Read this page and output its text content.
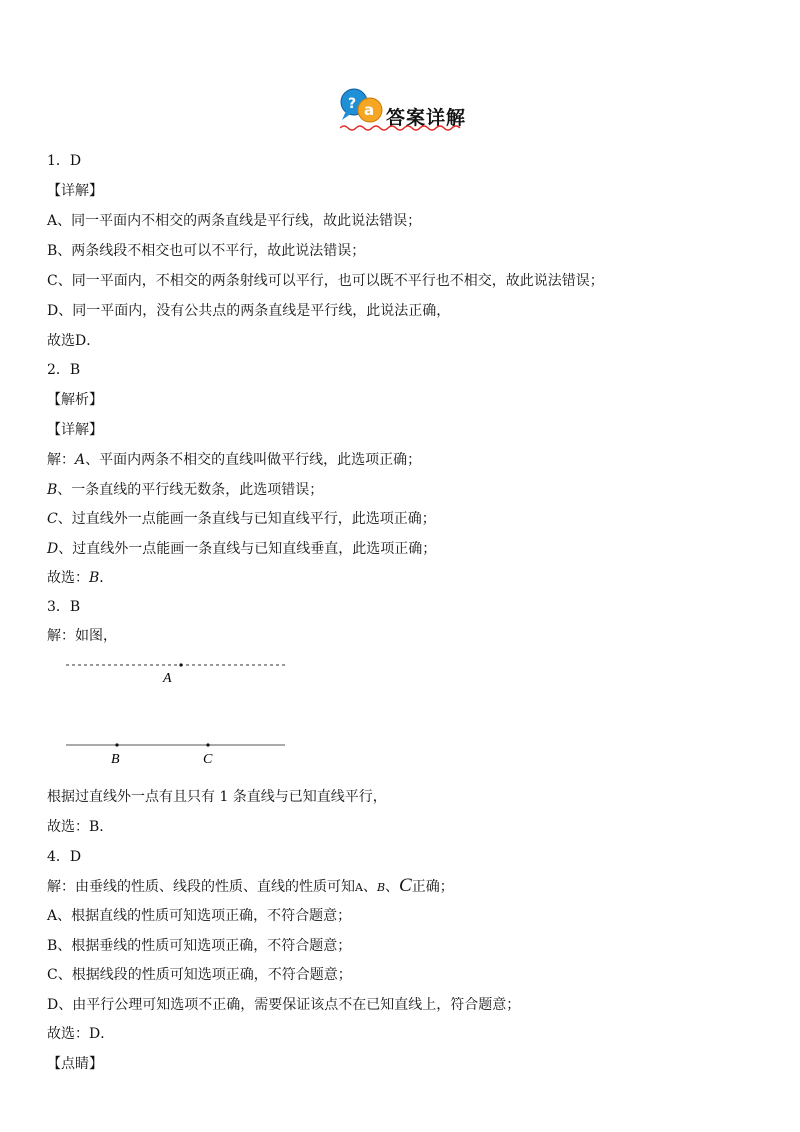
? a 答案详解
1．D
【详解】
A、同一平面内不相交的两条直线是平行线，故此说法错误；
B、两条线段不相交也可以不平行，故此说法错误；
C、同一平面内，不相交的两条射线可以平行，也可以既不平行也不相交，故此说法错误；
D、同一平面内，没有公共点的两条直线是平行线，此说法正确，
故选D．
2．B
【解析】
【详解】
解：A、平面内两条不相交的直线叫做平行线，此选项正确；
B、一条直线的平行线无数条，此选项错误；
C、过直线外一点能画一条直线与已知直线平行，此选项正确；
D、过直线外一点能画一条直线与已知直线垂直，此选项正确；
故选：B．
3．B
解：如图，
A
B	C
根据过直线外一点有且只有 1 条直线与已知直线平行，
故选：B．
4．D
解：由垂线的性质、线段的性质、直线的性质可知A、B、C正确；
A、根据直线的性质可知选项正确，不符合题意；
B、根据垂线的性质可知选项正确，不符合题意；
C、根据线段的性质可知选项正确，不符合题意；
D、由平行公理可知选项不正确，需要保证该点不在已知直线上，符合题意；
故选：D．
【点睛】
